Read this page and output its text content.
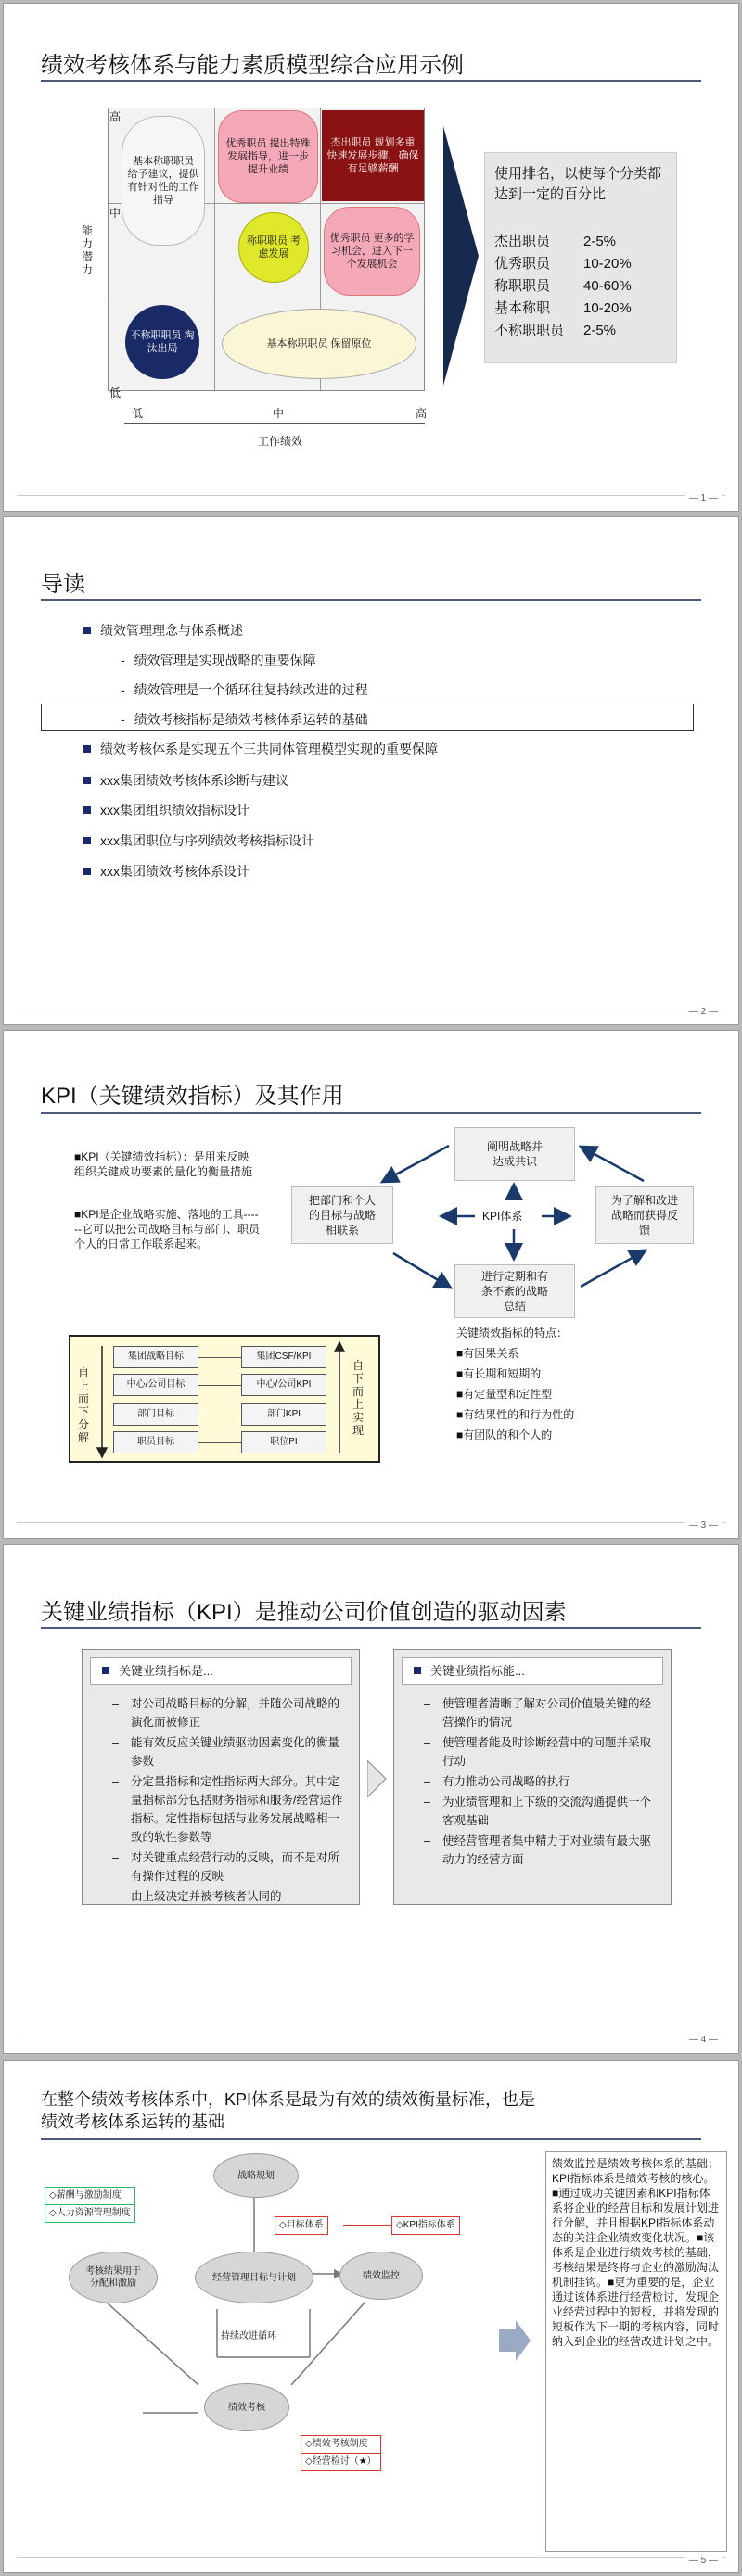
绩效考核体系与能力素质模型综合应用示例
基本称职职员 给予建议，提供有针对性的工作指导
优秀职员 提出特殊发展指导，进一步提升业绩
杰出职员 规划多重快速发展步骤，确保有足够薪酬
称职职员 考虑发展
优秀职员 更多的学习机会，进入下一个发展机会
不称职职员 淘汰出局	基本称职职员 保留原位
能力潜力
高
中
低
低	中	高
工作绩效
使用排名，以使每个分类都达到一定的百分比
杰出职员 2-5%
优秀职员 10-20%
称职职员 40-60%
基本称职 10-20%
不称职职员 2-5%
— 1 —
导读
绩效管理理念与体系概述
- 绩效管理是实现战略的重要保障
- 绩效管理是一个循环往复持续改进的过程
- 绩效考核指标是绩效考核体系运转的基础
绩效考核体系是实现五个三共同体管理模型实现的重要保障
xxx集团绩效考核体系诊断与建议
xxx集团组织绩效指标设计
xxx集团职位与序列绩效考核指标设计
xxx集团绩效考核体系设计
— 2 —
KPI（关键绩效指标）及其作用
■KPI（关键绩效指标）：是用来反映组织关键成功要素的量化的衡量措施
■KPI是企业战略实施、落地的工具------它可以把公司战略目标与部门、职员个人的日常工作联系起来。
阐明战略并达成共识
把部门和个人的目标与战略相联系
为了解和改进战略而获得反馈
进行定期和有条不紊的战略总结
KPI体系
自上而下分解
自下而上实现
集团战略目标	集团CSF/KPI
中心/公司目标	中心/公司KPI
部门目标	部门KPI
职员目标	职位PI
关键绩效指标的特点：
■有因果关系
■有长期和短期的
■有定量型和定性型
■有结果性的和行为性的
■有团队的和个人的
— 3 —
关键业绩指标（KPI）是推动公司价值创造的驱动因素
关键业绩指标是...
– 对公司战略目标的分解，并随公司战略的演化而被修正
– 能有效反应关键业绩驱动因素变化的衡量参数
– 分定量指标和定性指标两大部分。其中定量指标部分包括财务指标和服务/经营运作指标。定性指标包括与业务发展战略相一致的软性参数等
– 对关键重点经营行动的反映，而不是对所有操作过程的反映
– 由上级决定并被考核者认同的
关键业绩指标能...
– 使管理者清晰了解对公司价值最关键的经营操作的情况
– 使管理者能及时诊断经营中的问题并采取行动
– 有力推动公司战略的执行
– 为业绩管理和上下级的交流沟通提供一个客观基础
– 使经营管理者集中精力于对业绩有最大驱动力的经营方面
— 4 —
在整个绩效考核体系中，KPI体系是最为有效的绩效衡量标准，也是
绩效考核体系运转的基础
战略规划
经营管理目标与计划	绩效监控
绩效考核
考核结果用于分配和激励
◇目标体系	◇KPI指标体系
◇薪酬与激励制度
◇人力资源管理制度
◇绩效考核制度
◇经营检讨（★）
持续改进循环
绩效监控是绩效考核体系的基础；KPI指标体系是绩效考核的核心。■通过成功关键因素和KPI指标体系将企业的经营目标和发展计划进行分解，并且根据KPI指标体系动态的关注企业绩效变化状况。■该体系是企业进行绩效考核的基础，考核结果是终将与企业的激励淘汰机制挂钩。■更为重要的是，企业通过该体系进行经营检讨，发现企业经营过程中的短板，并将发现的短板作为下一期的考核内容，同时纳入到企业的经营改进计划之中。
— 5 —
